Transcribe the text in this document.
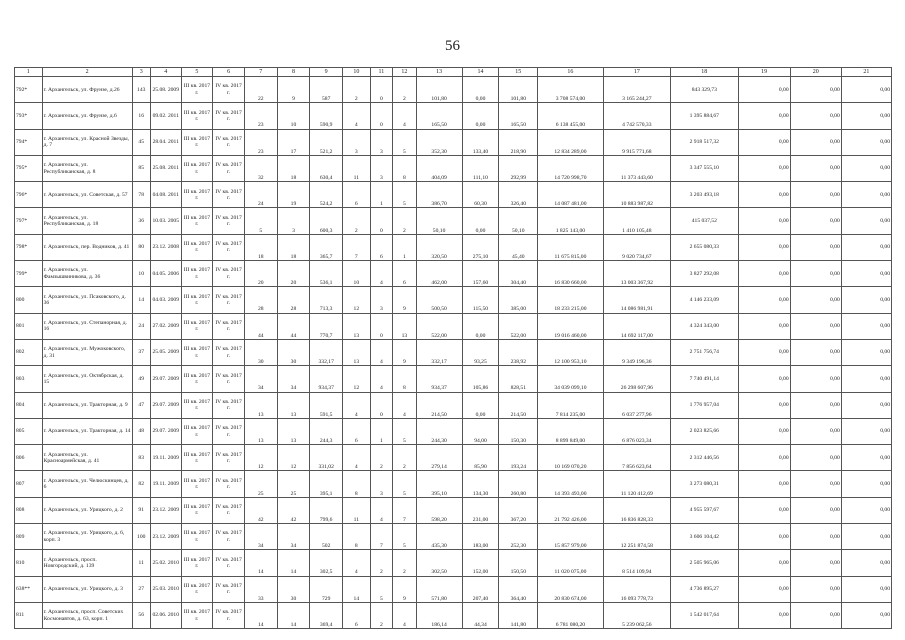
56
1	2	3	4	5	6	7	8	9	10	11	12	13	14	15	16	17	18	19	20	21
792*	г. Архангельск, ул. Фрунзе, д.26	143	25.08. 2009	III кв. 2017 г.	IV кв. 2017 г.	22	9	587	2	0	2	101,80	0,00	101,80	3 708 574,00	3 165 244,27	843 329,73	0,00	0,00	0,00
793*	г. Архангельск, ул. Фрунзе, д.6	16	09.02. 2011	III кв. 2017 г.	IV кв. 2017 г.	23	10	590,9	4	0	4	165,50	0,00	165,50	6 138 455,00	4 742 570,33	1 395 884,67	0,00	0,00	0,00
794*	г. Архангельск, ул. Красной Звезды, д. 7	45	28.04. 2011	III кв. 2017 г.	IV кв. 2017 г.	23	17	521,2	3	3	5	352,30	133,40	218,90	12 834 289,00	9 915 771,68	2 918 517,32	0,00	0,00	0,00
795*	г. Архангельск, ул. Республиканская, д. 8	85	25.08. 2011	III кв. 2017 г.	IV кв. 2017 г.	32	18	630,4	11	3	8	404,09	111,10	292,99	14 720 998,70	11 373 443,60	3 347 555,10	0,00	0,00	0,00
796*	г. Архангельск, ул. Советская, д. 57	78	04.08. 2011	III кв. 2017 г.	IV кв. 2017 г.	24	19	524,2	6	1	5	386,70	60,30	326,40	14 087 481,00	10 883 987,82	3 203 493,18	0,00	0,00	0,00
797*	г. Архангельск, ул. Республиканская, д. 18	36	10.03. 2005	III кв. 2017 г.	IV кв. 2017 г.	5	3	600,3	2	0	2	50,10	0,00	50,10	1 825 143,00	1 410 105,48	415 037,52	0,00	0,00	0,00
798*	г. Архангельск, пер. Водников, д. 41	80	23.12. 2008	III кв. 2017 г.	IV кв. 2017 г.	18	18	365,7	7	6	1	320,50	275,10	45,40	11 675 815,00	9 020 734,67	2 655 080,33	0,00	0,00	0,00
799*	г. Архангельск, ул. Фамзышвиникова, д. 36	10	04.05. 2006	III кв. 2017 г.	IV кв. 2017 г.	20	20	536,1	10	4	6	462,00	157,60	304,40	16 830 660,00	13 003 367,92	3 827 292,08	0,00	0,00	0,00
800	г. Архангельск, ул. Псаковского, д. 36	14	04.03. 2009	III кв. 2017 г.	IV кв. 2017 г.	28	28	713,3	12	3	9	500,50	115,50	385,00	18 233 215,00	14 086 981,91	4 146 233,09	0,00	0,00	0,00
801	г. Архангельск, ул. Степанорная, д. 16	24	27.02. 2009	III кв. 2017 г.	IV кв. 2017 г.	44	44	770,7	13	0	13	522,00	0,00	522,00	19 016 460,00	14 692 117,00	4 324 343,00	0,00	0,00	0,00
802	г. Архангельск, ул. Мужоковского, д. 31	37	25.05. 2009	III кв. 2017 г.	IV кв. 2017 г.	30	30	332,17	13	4	9	332,17	93,25	238,92	12 100 953,10	9 349 196,36	2 751 756,74	0,00	0,00	0,00
803	г. Архангельск, ул. Октябрская, д. 15	49	29.07. 2009	III кв. 2017 г.	IV кв. 2017 г.	34	34	934,37	12	4	8	934,37	105,86	828,51	34 039 099,10	26 298 607,96	7 740 491,14	0,00	0,00	0,00
804	г. Архангельск, ул. Тракторная, д. 9	47	29.07. 2009	III кв. 2017 г.	IV кв. 2017 г.	13	13	591,5	4	0	4	214,50	0,00	214,50	7 814 235,00	6 037 277,96	1 776 957,04	0,00	0,00	0,00
805	г. Архангельск, ул. Тракторная, д. 14	48	29.07. 2009	III кв. 2017 г.	IV кв. 2017 г.	13	13	244,3	6	1	5	244,30	94,00	150,30	8 899 849,00	6 876 023,34	2 023 825,66	0,00	0,00	0,00
806	г. Архангельск, ул. Красноармейская, д. 41	83	19.11. 2009	III кв. 2017 г.	IV кв. 2017 г.	12	12	331,02	4	2	2	279,14	85,90	193,24	10 169 070,20	7 856 623,64	2 312 446,56	0,00	0,00	0,00
807	г. Архангельск, ул. Челюскинцев, д. 6	82	19.11. 2009	III кв. 2017 г.	IV кв. 2017 г.	25	25	395,1	8	3	5	395,10	134,30	260,80	14 393 493,00	11 120 412,69	3 273 080,31	0,00	0,00	0,00
808	г. Архангельск, ул. Урицкого, д. 2	91	23.12. 2009	III кв. 2017 г.	IV кв. 2017 г.	42	42	799,6	11	4	7	598,20	231,00	367,20	21 792 426,00	16 836 828,33	4 955 597,67	0,00	0,00	0,00
809	г. Архангельск, ул. Урицкого, д. 6, корп. 3	100	23.12. 2009	III кв. 2017 г.	IV кв. 2017 г.	34	34	502	8	7	5	435,30	183,00	252,30	15 857 979,00	12 251 874,58	3 606 104,42	0,00	0,00	0,00
810	г. Архангельск, просп. Новгородский, д. 139	11	25.02. 2010	III кв. 2017 г.	IV кв. 2017 г.	14	14	302,5	4	2	2	302,50	152,00	150,50	11 020 075,00	8 514 109,94	2 505 965,06	0,00	0,00	0,00
638**	г. Архангельск, ул. Урицкого, д. 3	27	25.03. 2010	III кв. 2017 г.	IV кв. 2017 г.	33	30	729	14	5	9	571,80	207,40	364,40	20 830 674,00	16 093 778,73	4 736 895,27	0,00	0,00	0,00
811	г. Архангельск, просп. Советских Космонавтов, д. 63, корп. 1	56	02.06. 2010	III кв. 2017 г.	IV кв. 2017 г.	14	14	369,4	6	2	4	186,14	44,34	141,80	6 781 080,20	5 239 062,56	1 542 017,64	0,00	0,00	0,00
